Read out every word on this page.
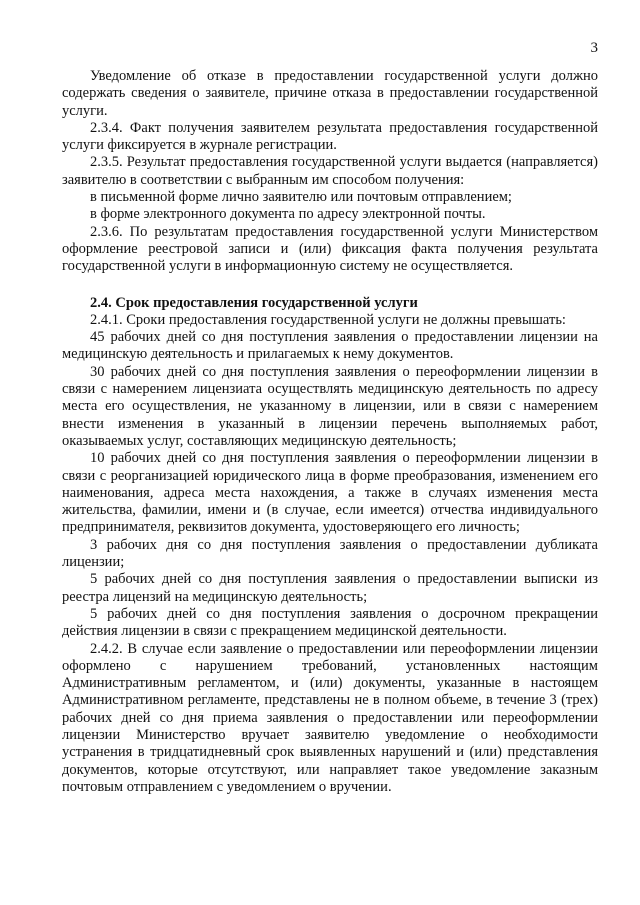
3

Уведомление об отказе в предоставлении государственной услуги должно содержать сведения о заявителе, причине отказа в предоставлении государственной услуги.

2.3.4. Факт получения заявителем результата предоставления государственной услуги фиксируется в журнале регистрации.

2.3.5. Результат предоставления государственной услуги выдается (направляется) заявителю в соответствии с выбранным им способом получения:

в письменной форме лично заявителю или почтовым отправлением;

в форме электронного документа по адресу электронной почты.

2.3.6. По результатам предоставления государственной услуги Министерством оформление реестровой записи и (или) фиксация факта получения результата государственной услуги в информационную систему не осуществляется.

2.4. Срок предоставления государственной услуги

2.4.1. Сроки предоставления государственной услуги не должны превышать:

45 рабочих дней со дня поступления заявления о предоставлении лицензии на медицинскую деятельность и прилагаемых к нему документов.

30 рабочих дней со дня поступления заявления о переоформлении лицензии в связи с намерением лицензиата осуществлять медицинскую деятельность по адресу места его осуществления, не указанному в лицензии, или в связи с намерением внести изменения в указанный в лицензии перечень выполняемых работ, оказываемых услуг, составляющих медицинскую деятельность;

10 рабочих дней со дня поступления заявления о переоформлении лицензии в связи с реорганизацией юридического лица в форме преобразования, изменением его наименования, адреса места нахождения, а также в случаях изменения места жительства, фамилии, имени и (в случае, если имеется) отчества индивидуального предпринимателя, реквизитов документа, удостоверяющего его личность;

3 рабочих дня со дня поступления заявления о предоставлении дубликата лицензии;

5 рабочих дней со дня поступления заявления о предоставлении выписки из реестра лицензий на медицинскую деятельность;

5 рабочих дней со дня поступления заявления о досрочном прекращении действия лицензии в связи с прекращением медицинской деятельности.

2.4.2. В случае если заявление о предоставлении или переоформлении лицензии оформлено с нарушением требований, установленных настоящим Административным регламентом, и (или) документы, указанные в настоящем Административном регламенте, представлены не в полном объеме, в течение 3 (трех) рабочих дней со дня приема заявления о предоставлении или переоформлении лицензии Министерство вручает заявителю уведомление о необходимости устранения в тридцатидневный срок выявленных нарушений и (или) представления документов, которые отсутствуют, или направляет такое уведомление заказным почтовым отправлением с уведомлением о вручении.
